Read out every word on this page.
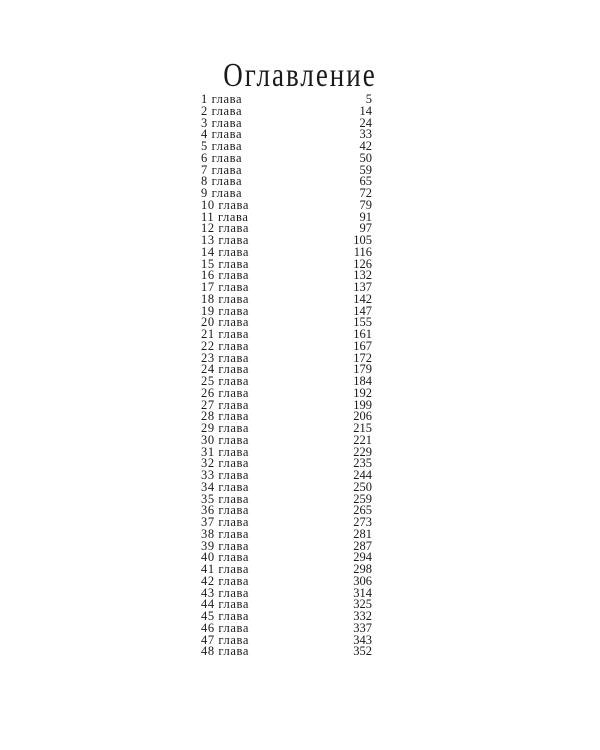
Оглавление
1 глава	5
2 глава	14
3 глава	24
4 глава	33
5 глава	42
6 глава	50
7 глава	59
8 глава	65
9 глава	72
10 глава	79
11 глава	91
12 глава	97
13 глава	105
14 глава	116
15 глава	126
16 глава	132
17 глава	137
18 глава	142
19 глава	147
20 глава	155
21 глава	161
22 глава	167
23 глава	172
24 глава	179
25 глава	184
26 глава	192
27 глава	199
28 глава	206
29 глава	215
30 глава	221
31 глава	229
32 глава	235
33 глава	244
34 глава	250
35 глава	259
36 глава	265
37 глава	273
38 глава	281
39 глава	287
40 глава	294
41 глава	298
42 глава	306
43 глава	314
44 глава	325
45 глава	332
46 глава	337
47 глава	343
48 глава	352
